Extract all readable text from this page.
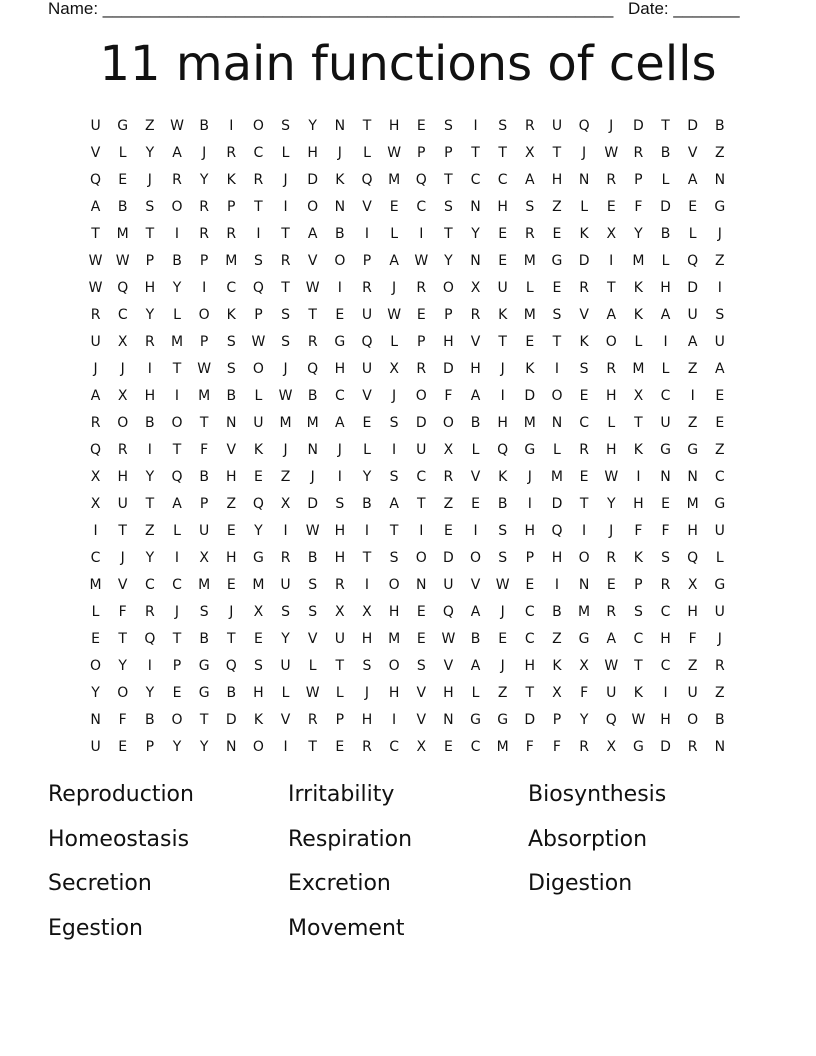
Name: ______________________________________________________ Date: _______
11 main functions of cells
U	G	Z	W	B	I	O	S	Y	N	T	H	E	S	I	S	R	U	Q	J	D	T	D	B
V	L	Y	A	J	R	C	L	H	J	L	W	P	P	T	T	X	T	J	W	R	B	V	Z
Q	E	J	R	Y	K	R	J	D	K	Q	M	Q	T	C	C	A	H	N	R	P	L	A	N
A	B	S	O	R	P	T	I	O	N	V	E	C	S	N	H	S	Z	L	E	F	D	E	G
T	M	T	I	R	R	I	T	A	B	I	L	I	T	Y	E	R	E	K	X	Y	B	L	J
W W	P	B	P	M	S	R	V	O	P	A	W	Y	N	E	M	G	D	I	M	L	Q	Z
W	Q	H	Y	I	C	Q	T	W	I	R	J	R	O	X	U	L	E	R	T	K	H	D	I
R	C	Y	L	O	K	P	S	T	E	U	W	E	P	R	K	M	S	V	A	K	A	U	S
U	X	R	M	P	S	W	S	R	G	Q	L	P	H	V	T	E	T	K	O	L	I	A	U
J	J	I	T	W	S	O	J	Q	H	U	X	R	D	H	J	K	I	S	R	M	L	Z	A
A	X	H	I	M	B	L	W	B	C	V	J	O	F	A	I	D	O	E	H	X	C	I	E
R	O	B	O	T	N	U	M	M	A	E	S	D	O	B	H	M	N	C	L	T	U	Z	E
Q	R	I	T	F	V	K	J	N	J	L	I	U	X	L	Q	G	L	R	H	K	G	G	Z
X	H	Y	Q	B	H	E	Z	J	I	Y	S	C	R	V	K	J	M	E	W	I	N	N	C
X	U	T	A	P	Z	Q	X	D	S	B	A	T	Z	E	B	I	D	T	Y	H	E	M	G
I	T	Z	L	U	E	Y	I	W	H	I	T	I	E	I	S	H	Q	I	J	F	F	H	U
C	J	Y	I	X	H	G	R	B	H	T	S	O	D	O	S	P	H	O	R	K	S	Q	L
M	V	C	C	M	E	M	U	S	R	I	O	N	U	V	W	E	I	N	E	P	R	X	G
L	F	R	J	S	J	X	S	S	X	X	H	E	Q	A	J	C	B	M	R	S	C	H	U
E	T	Q	T	B	T	E	Y	V	U	H	M	E	W	B	E	C	Z	G	A	C	H	F	J
O	Y	I	P	G	Q	S	U	L	T	S	O	S	V	A	J	H	K	X	W	T	C	Z	R
Y	O	Y	E	G	B	H	L	W	L	J	H	V	H	L	Z	T	X	F	U	K	I	U	Z
N	F	B	O	T	D	K	V	R	P	H	I	V	N	G	G	D	P	Y	Q	W	H	O	B
U	E	P	Y	Y	N	O	I	T	E	R	C	X	E	C	M	F	F	R	X	G	D	R	N
Reproduction	Irritability	Biosynthesis
Homeostasis	Respiration	Absorption
Secretion	Excretion	Digestion
Egestion	Movement
